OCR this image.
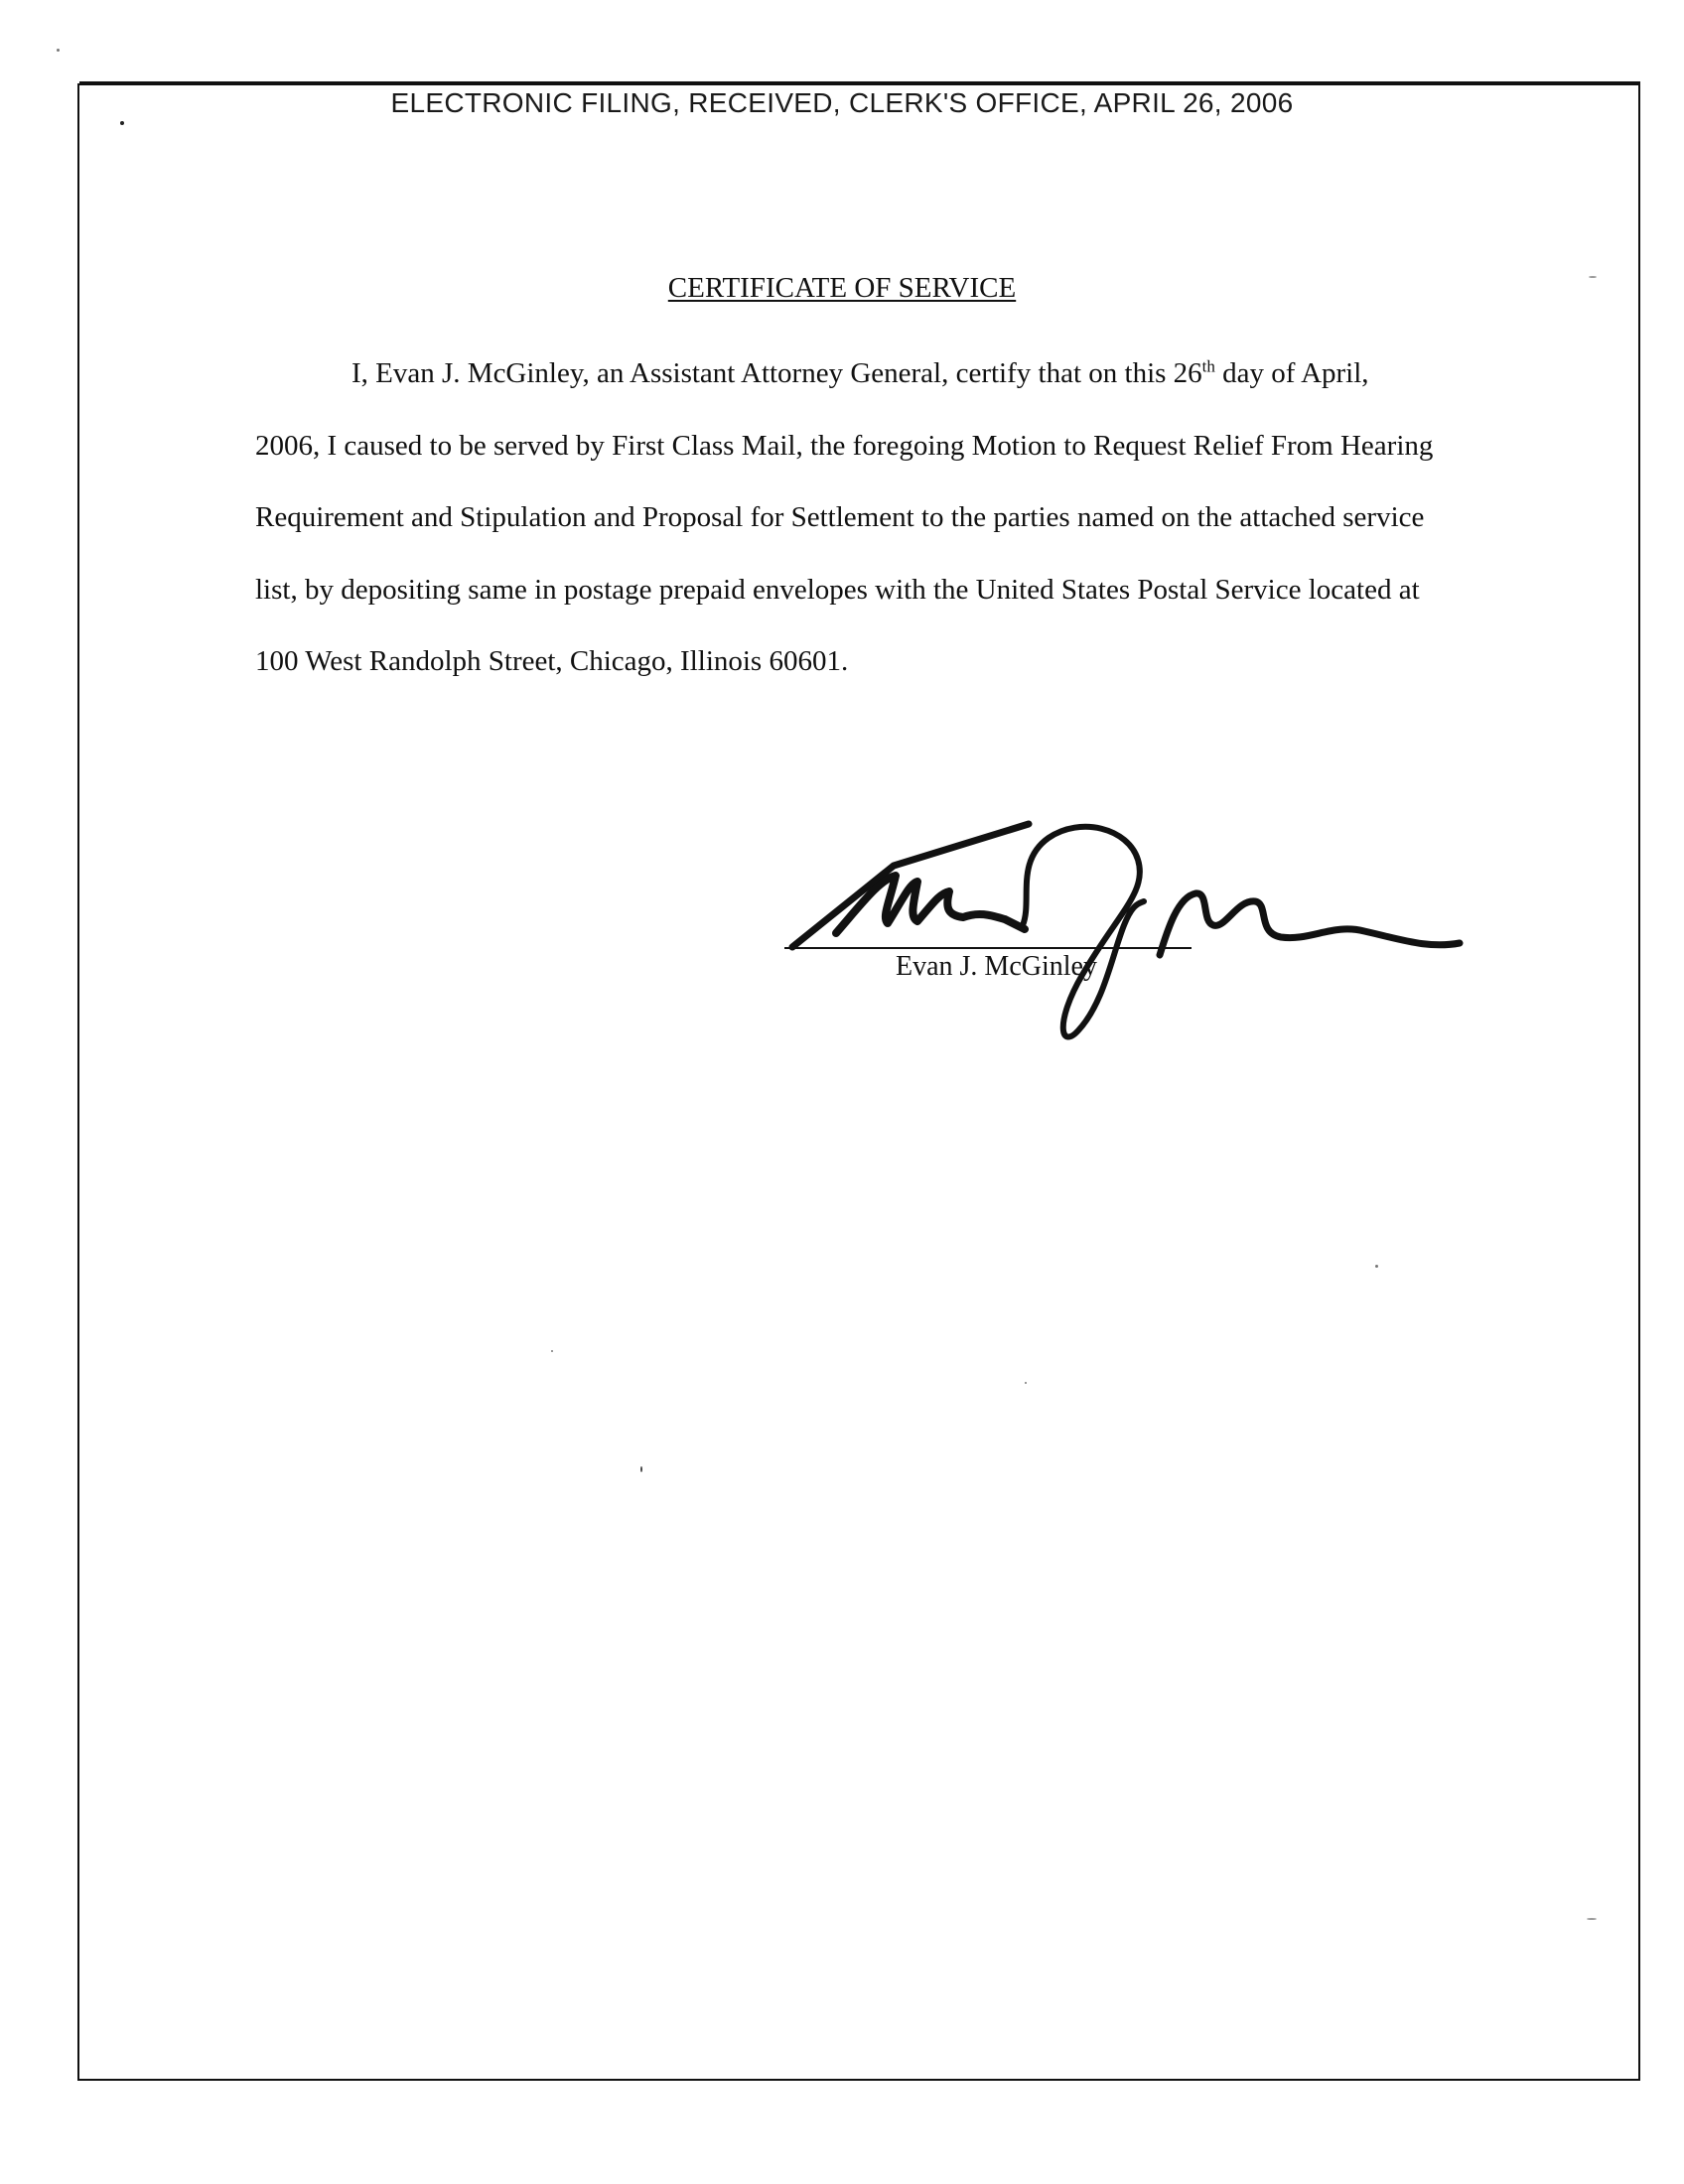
ELECTRONIC FILING, RECEIVED, CLERK'S OFFICE, APRIL 26, 2006

CERTIFICATE OF SERVICE

I, Evan J. McGinley, an Assistant Attorney General, certify that on this 26th day of April, 2006, I caused to be served by First Class Mail, the foregoing Motion to Request Relief From Hearing Requirement and Stipulation and Proposal for Settlement to the parties named on the attached service list, by depositing same in postage prepaid envelopes with the United States Postal Service located at 100 West Randolph Street, Chicago, Illinois 60601.

Evan J. McGinley
